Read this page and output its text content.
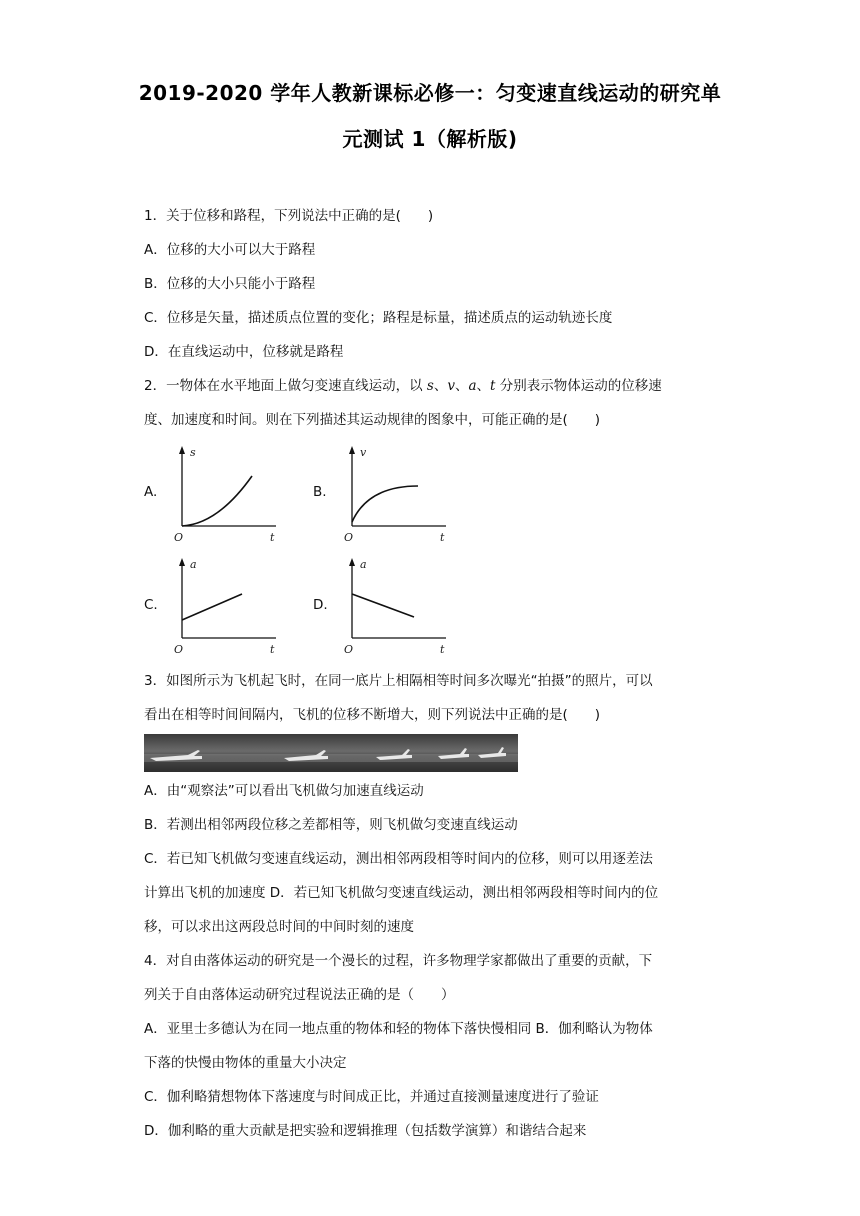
2019-2020 学年人教新课标必修一：匀变速直线运动的研究单
元测试 1（解析版)
1．关于位移和路程，下列说法中正确的是(　　)
A．位移的大小可以大于路程
B．位移的大小只能小于路程
C．位移是矢量，描述质点位置的变化；路程是标量，描述质点的运动轨迹长度
D．在直线运动中，位移就是路程
2．一物体在水平地面上做匀变速直线运动，以 s、v、a、t 分别表示物体运动的位移速
度、加速度和时间。则在下列描述其运动规律的图象中，可能正确的是(　　)
A.	B.
C.	D.
s
O	t
v
O	t
a
O	t
a
O	t
3．如图所示为飞机起飞时，在同一底片上相隔相等时间多次曝光“拍摄”的照片，可以
看出在相等时间间隔内，飞机的位移不断增大，则下列说法中正确的是(　　)
A．由“观察法”可以看出飞机做匀加速直线运动
B．若测出相邻两段位移之差都相等，则飞机做匀变速直线运动
C．若已知飞机做匀变速直线运动，测出相邻两段相等时间内的位移，则可以用逐差法
计算出飞机的加速度 D．若已知飞机做匀变速直线运动，测出相邻两段相等时间内的位
移，可以求出这两段总时间的中间时刻的速度
4．对自由落体运动的研究是一个漫长的过程，许多物理学家都做出了重要的贡献，下
列关于自由落体运动研究过程说法正确的是（　　）
A．亚里士多德认为在同一地点重的物体和轻的物体下落快慢相同 B．伽利略认为物体
下落的快慢由物体的重量大小决定
C．伽利略猜想物体下落速度与时间成正比，并通过直接测量速度进行了验证
D．伽利略的重大贡献是把实验和逻辑推理（包括数学演算）和谐结合起来
